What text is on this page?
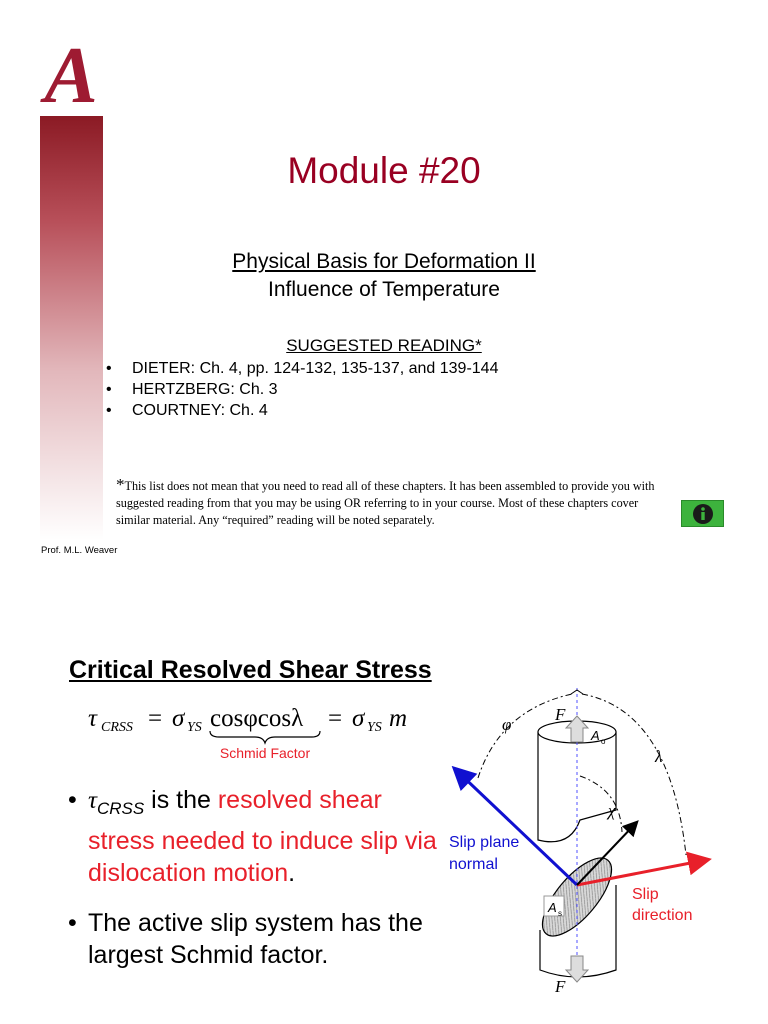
A
Module #20
Physical Basis for Deformation II
Influence of Temperature
SUGGESTED READING*
• DIETER: Ch. 4, pp. 124-132, 135-137, and 139-144
• HERTZBERG: Ch. 3
• COURTNEY: Ch. 4
*This list does not mean that you need to read all of these chapters. It has been assembled to provide you with suggested reading from that you may be using OR referring to in your course. Most of these chapters cover similar material. Any “required” reading will be noted separately.
Prof. M.L. Weaver
Critical Resolved Shear Stress
τ CRSS = σ YS cosφcosλ = σ YS m
Schmid Factor
• $\tau_{CRSS}$ is the resolved shear stress needed to induce slip via dislocation motion.
• The active slip system has the largest Schmid factor.
F
F
A o
A s
φ
λ
χ
Slip plane
normal
Slip
direction
